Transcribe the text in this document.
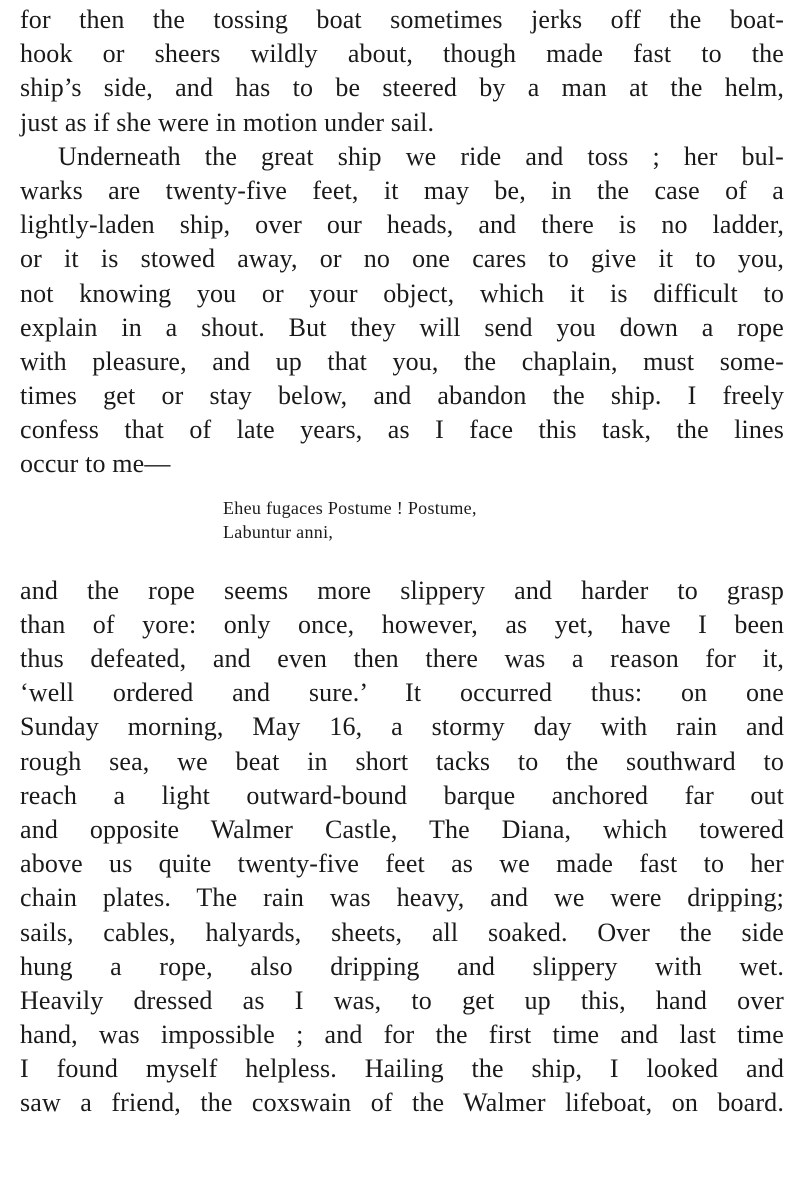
for then the tossing boat sometimes jerks off the boat-
hook or sheers wildly about, though made fast to the
ship’s side, and has to be steered by a man at the helm,
just as if she were in motion under sail.
Underneath the great ship we ride and toss ; her bul-
warks are twenty-five feet, it may be, in the case of a
lightly-laden ship, over our heads, and there is no ladder,
or it is stowed away, or no one cares to give it to you,
not knowing you or your object, which it is difficult to
explain in a shout. But they will send you down a rope
with pleasure, and up that you, the chaplain, must some-
times get or stay below, and abandon the ship. I freely
confess that of late years, as I face this task, the lines
occur to me—
Eheu fugaces Postume ! Postume,
Labuntur anni,
and the rope seems more slippery and harder to grasp
than of yore: only once, however, as yet, have I been
thus defeated, and even then there was a reason for it,
‘well ordered and sure.’ It occurred thus: on one
Sunday morning, May 16, a stormy day with rain and
rough sea, we beat in short tacks to the southward to
reach a light outward-bound barque anchored far out
and opposite Walmer Castle, The Diana, which towered
above us quite twenty-five feet as we made fast to her
chain plates. The rain was heavy, and we were dripping;
sails, cables, halyards, sheets, all soaked. Over the side
hung a rope, also dripping and slippery with wet.
Heavily dressed as I was, to get up this, hand over
hand, was impossible ; and for the first time and last time
I found myself helpless. Hailing the ship, I looked and
saw a friend, the coxswain of the Walmer lifeboat, on board.
